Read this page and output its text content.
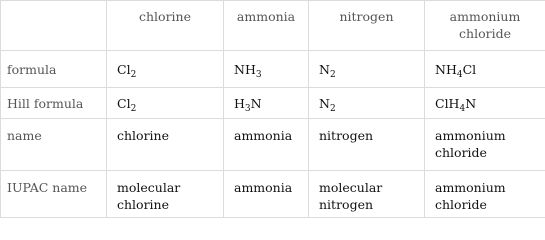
	chlorine	ammonia	nitrogen	ammonium chloride
formula	$Cl_2$	$NH_3$	$N_2$	$NH_4Cl$
Hill formula	$Cl_2$	$H_3N$	$N_2$	ClH$_4$N
name	chlorine	ammonia	nitrogen	ammonium chloride
IUPAC name	molecular chlorine	ammonia	molecular nitrogen	ammonium chloride
